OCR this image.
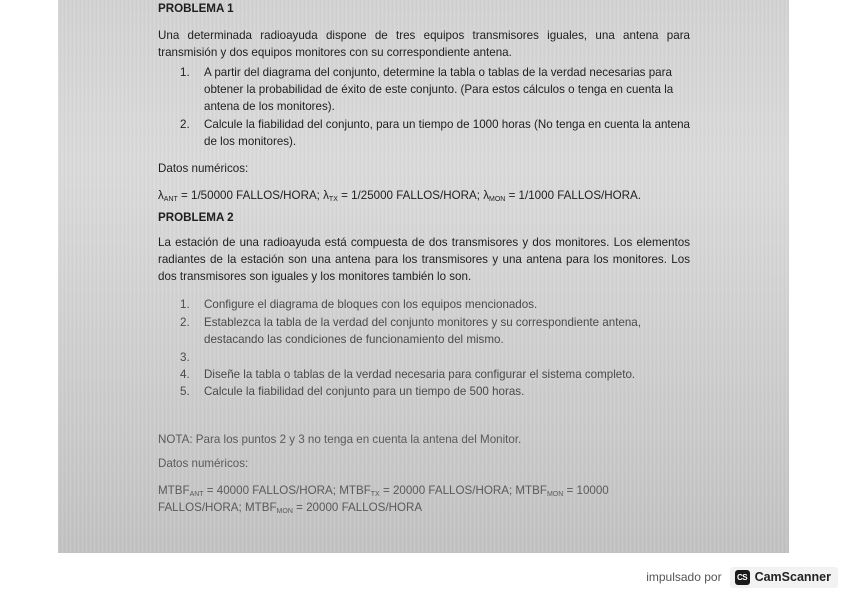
PROBLEMA 1

Una determinada radioayuda dispone de tres equipos transmisores iguales, una antena para transmisión y dos equipos monitores con su correspondiente antena.

1. A partir del diagrama del conjunto, determine la tabla o tablas de la verdad necesarias para obtener la probabilidad de éxito de este conjunto. (Para estos cálculos o tenga en cuenta la antena de los monitores).
2. Calcule la fiabilidad del conjunto, para un tiempo de 1000 horas (No tenga en cuenta la antena de los monitores).
Datos numéricos:
$\lambda_{ANT} = 1/50000$ FALLOS/HORA; $\lambda_{TX} = 1/25000$ FALLOS/HORA; $\lambda_{MON} = 1/1000$ FALLOS/HORA.
PROBLEMA 2

La estación de una radioayuda está compuesta de dos transmisores y dos monitores. Los elementos radiantes de la estación son una antena para los transmisores y una antena para los monitores. Los dos transmisores son iguales y los monitores también lo son.

1. Configure el diagrama de bloques con los equipos mencionados.
2. Establezca la tabla de la verdad del conjunto monitores y su correspondiente antena, destacando las condiciones de funcionamiento del mismo.
3.
4. Diseñe la tabla o tablas de la verdad necesaria para configurar el sistema completo.
5. Calcule la fiabilidad del conjunto para un tiempo de 500 horas.
NOTA: Para los puntos 2 y 3 no tenga en cuenta la antena del Monitor.
Datos numéricos:
$MTBF_{ANT} = 40000$ FALLOS/HORA; $MTBF_{TX} = 20000$ FALLOS/HORA; $MTBF_{MON} = 10000$ FALLOS/HORA; $MTBF_{MON} = 20000$ FALLOS/HORA
impulsado por	CS CamScanner
